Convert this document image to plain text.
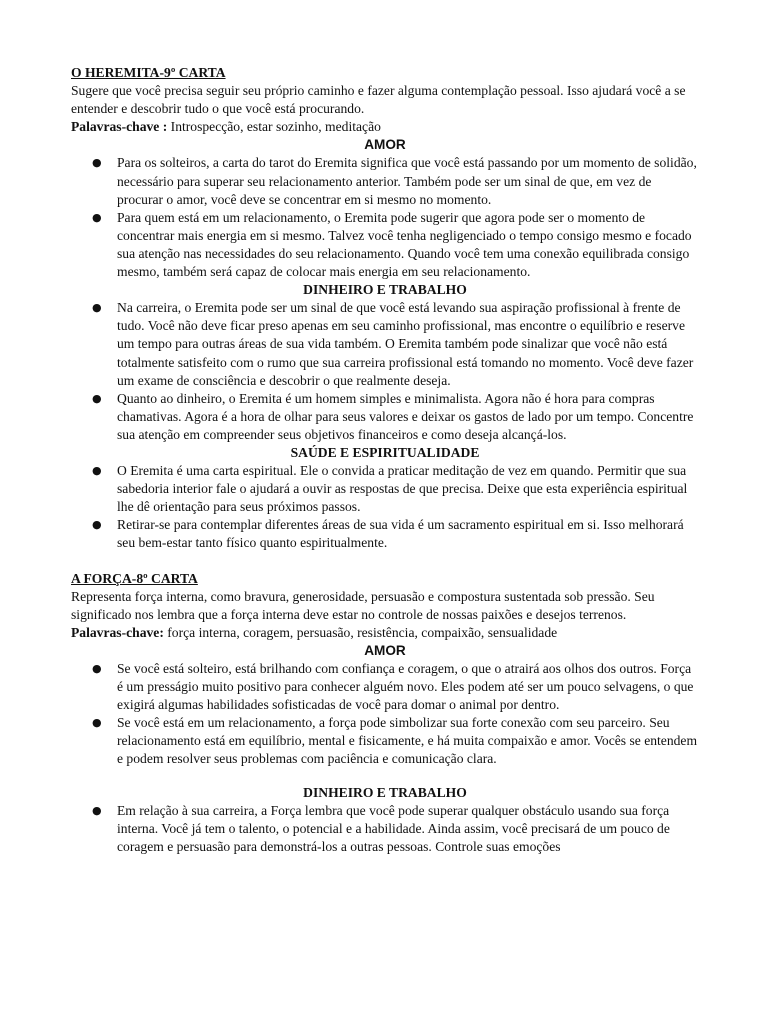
O HEREMITA-9º CARTA

Sugere que você precisa seguir seu próprio caminho e fazer alguma contemplação pessoal. Isso ajudará você a se entender e descobrir tudo o que você está procurando.

Palavras-chave : Introspecção, estar sozinho, meditação

AMOR

● Para os solteiros, a carta do tarot do Eremita significa que você está passando por um momento de solidão, necessário para superar seu relacionamento anterior. Também pode ser um sinal de que, em vez de procurar o amor, você deve se concentrar em si mesmo no momento.
● Para quem está em um relacionamento, o Eremita pode sugerir que agora pode ser o momento de concentrar mais energia em si mesmo. Talvez você tenha negligenciado o tempo consigo mesmo e focado sua atenção nas necessidades do seu relacionamento. Quando você tem uma conexão equilibrada consigo mesmo, também será capaz de colocar mais energia em seu relacionamento.

DINHEIRO E TRABALHO

● Na carreira, o Eremita pode ser um sinal de que você está levando sua aspiração profissional à frente de tudo. Você não deve ficar preso apenas em seu caminho profissional, mas encontre o equilíbrio e reserve um tempo para outras áreas de sua vida também. O Eremita também pode sinalizar que você não está totalmente satisfeito com o rumo que sua carreira profissional está tomando no momento. Você deve fazer um exame de consciência e descobrir o que realmente deseja.
● Quanto ao dinheiro, o Eremita é um homem simples e minimalista. Agora não é hora para compras chamativas. Agora é a hora de olhar para seus valores e deixar os gastos de lado por um tempo. Concentre sua atenção em compreender seus objetivos financeiros e como deseja alcançá-los.

SAÚDE E ESPIRITUALIDADE

● O Eremita é uma carta espiritual. Ele o convida a praticar meditação de vez em quando. Permitir que sua sabedoria interior fale o ajudará a ouvir as respostas de que precisa. Deixe que esta experiência espiritual lhe dê orientação para seus próximos passos.
● Retirar-se para contemplar diferentes áreas de sua vida é um sacramento espiritual em si. Isso melhorará seu bem-estar tanto físico quanto espiritualmente.

A FORÇA-8º CARTA

Representa força interna, como bravura, generosidade, persuasão e compostura sustentada sob pressão. Seu significado nos lembra que a força interna deve estar no controle de nossas paixões e desejos terrenos.

Palavras-chave: força interna, coragem, persuasão, resistência, compaixão, sensualidade

AMOR

● Se você está solteiro, está brilhando com confiança e coragem, o que o atrairá aos olhos dos outros. Força é um presságio muito positivo para conhecer alguém novo. Eles podem até ser um pouco selvagens, o que exigirá algumas habilidades sofisticadas de você para domar o animal por dentro.
● Se você está em um relacionamento, a força pode simbolizar sua forte conexão com seu parceiro. Seu relacionamento está em equilíbrio, mental e fisicamente, e há muita compaixão e amor. Vocês se entendem e podem resolver seus problemas com paciência e comunicação clara.

DINHEIRO E TRABALHO

● Em relação à sua carreira, a Força lembra que você pode superar qualquer obstáculo usando sua força interna. Você já tem o talento, o potencial e a habilidade. Ainda assim, você precisará de um pouco de coragem e persuasão para demonstrá-los a outras pessoas. Controle suas emoções
